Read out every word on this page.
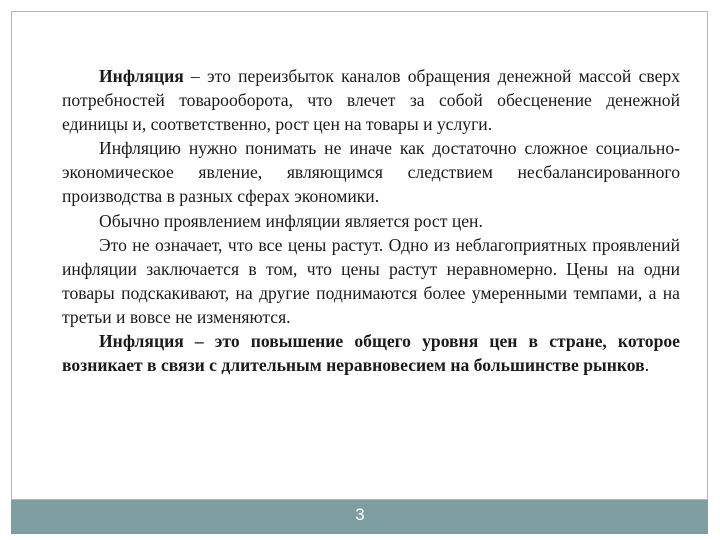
Инфляция – это переизбыток каналов обращения денежной массой сверх потребностей товарооборота, что влечет за собой обесценение денежной единицы и, соответственно, рост цен на товары и услуги.

Инфляцию нужно понимать не иначе как достаточно сложное социально-экономическое явление, являющимся следствием несбалансированного производства в разных сферах экономики.

Обычно проявлением инфляции является рост цен.

Это не означает, что все цены растут. Одно из неблагоприятных проявлений инфляции заключается в том, что цены растут неравномерно. Цены на одни товары подскакивают, на другие поднимаются более умеренными темпами, а на третьи и вовсе не изменяются.

Инфляция – это повышение общего уровня цен в стране, которое возникает в связи с длительным неравновесием на большинстве рынков.

3
